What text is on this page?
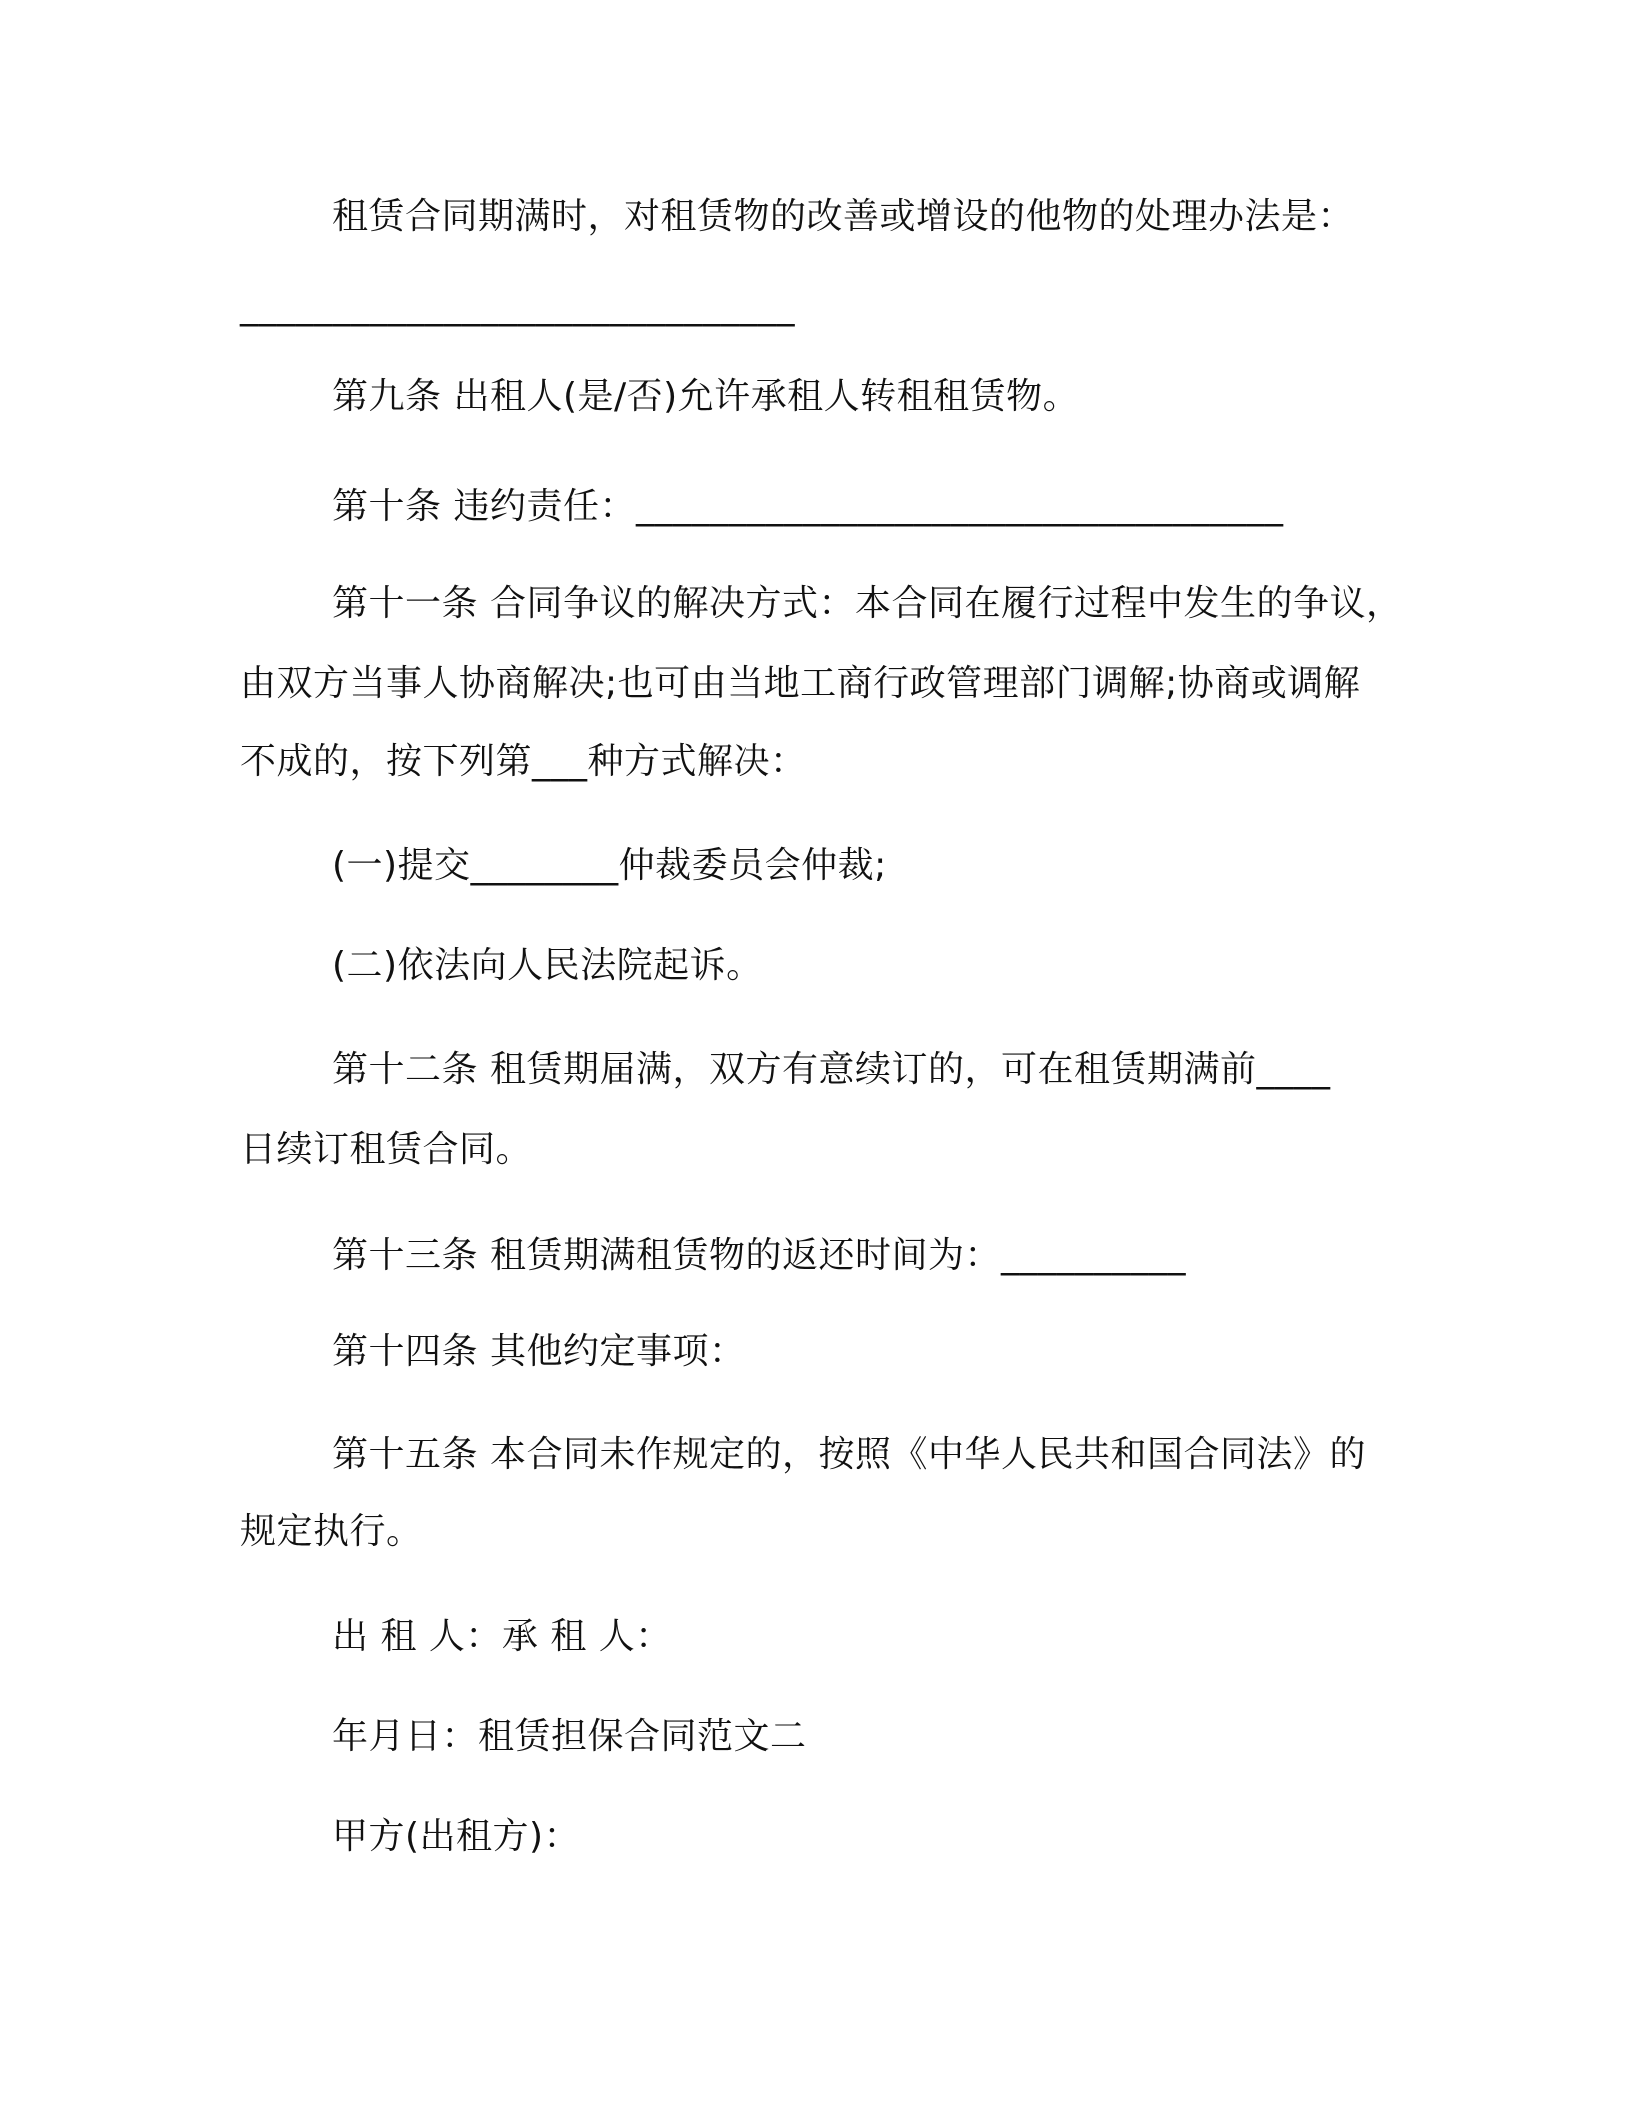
租赁合同期满时，对租赁物的改善或增设的他物的处理办法是：
______________________________
第九条 出租人(是/否)允许承租人转租租赁物。
第十条 违约责任：___________________________________
第十一条 合同争议的解决方式：本合同在履行过程中发生的争议，
由双方当事人协商解决;也可由当地工商行政管理部门调解;协商或调解
不成的，按下列第___种方式解决：
(一)提交________仲裁委员会仲裁;
(二)依法向人民法院起诉。
第十二条 租赁期届满，双方有意续订的，可在租赁期满前____
日续订租赁合同。
第十三条 租赁期满租赁物的返还时间为：__________
第十四条 其他约定事项：
第十五条 本合同未作规定的，按照《中华人民共和国合同法》的
规定执行。
出 租 人：承 租 人：
年月日：租赁担保合同范文二
甲方(出租方)：
